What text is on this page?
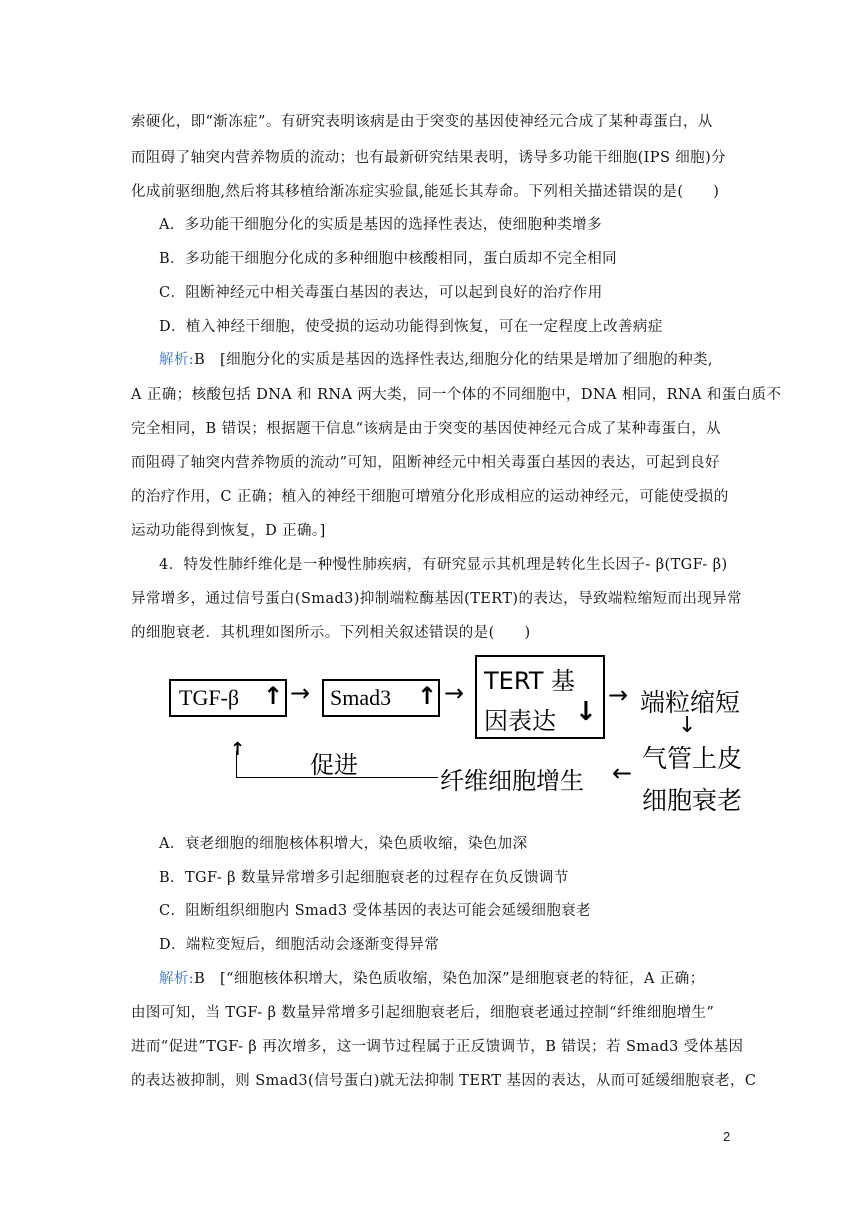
索硬化，即“渐冻症”。有研究表明该病是由于突变的基因使神经元合成了某种毒蛋白，从
而阻碍了轴突内营养物质的流动；也有最新研究结果表明，诱导多功能干细胞(IPS 细胞)分
化成前驱细胞,然后将其移植给渐冻症实验鼠,能延长其寿命。下列相关描述错误的是(　　)
A．多功能干细胞分化的实质是基因的选择性表达，使细胞种类增多
B．多功能干细胞分化成的多种细胞中核酸相同，蛋白质却不完全相同
C．阻断神经元中相关毒蛋白基因的表达，可以起到良好的治疗作用
D．植入神经干细胞，使受损的运动功能得到恢复，可在一定程度上改善病症
解析:B　[细胞分化的实质是基因的选择性表达,细胞分化的结果是增加了细胞的种类,
A 正确；核酸包括 DNA 和 RNA 两大类，同一个体的不同细胞中，DNA 相同，RNA 和蛋白质不
完全相同，B 错误；根据题干信息“该病是由于突变的基因使神经元合成了某种毒蛋白，从
而阻碍了轴突内营养物质的流动”可知，阻断神经元中相关毒蛋白基因的表达，可起到良好
的治疗作用，C 正确；植入的神经干细胞可增殖分化形成相应的运动神经元，可能使受损的
运动功能得到恢复，D 正确。]
4．特发性肺纤维化是一种慢性肺疾病，有研究显示其机理是转化生长因子- β(TGF- β)
异常增多，通过信号蛋白(Smad3)抑制端粒酶基因(TERT)的表达，导致端粒缩短而出现异常
的细胞衰老．其机理如图所示。下列相关叙述错误的是(　　)
TGF-β ↑ → Smad3 ↑ → TERT 基
因表达 ↓
→ 端粒缩短
↓
气管上皮
细胞衰老
←
纤维细胞增生
↑
促进
A．衰老细胞的细胞核体积增大，染色质收缩，染色加深
B．TGF- β 数量异常增多引起细胞衰老的过程存在负反馈调节
C．阻断组织细胞内 Smad3 受体基因的表达可能会延缓细胞衰老
D．端粒变短后，细胞活动会逐渐变得异常
解析:B　[“细胞核体积增大，染色质收缩，染色加深”是细胞衰老的特征，A 正确；
由图可知，当 TGF- β 数量异常增多引起细胞衰老后，细胞衰老通过控制“纤维细胞增生”
进而“促进”TGF- β 再次增多，这一调节过程属于正反馈调节，B 错误；若 Smad3 受体基因
的表达被抑制，则 Smad3(信号蛋白)就无法抑制 TERT 基因的表达，从而可延缓细胞衰老，C
2
